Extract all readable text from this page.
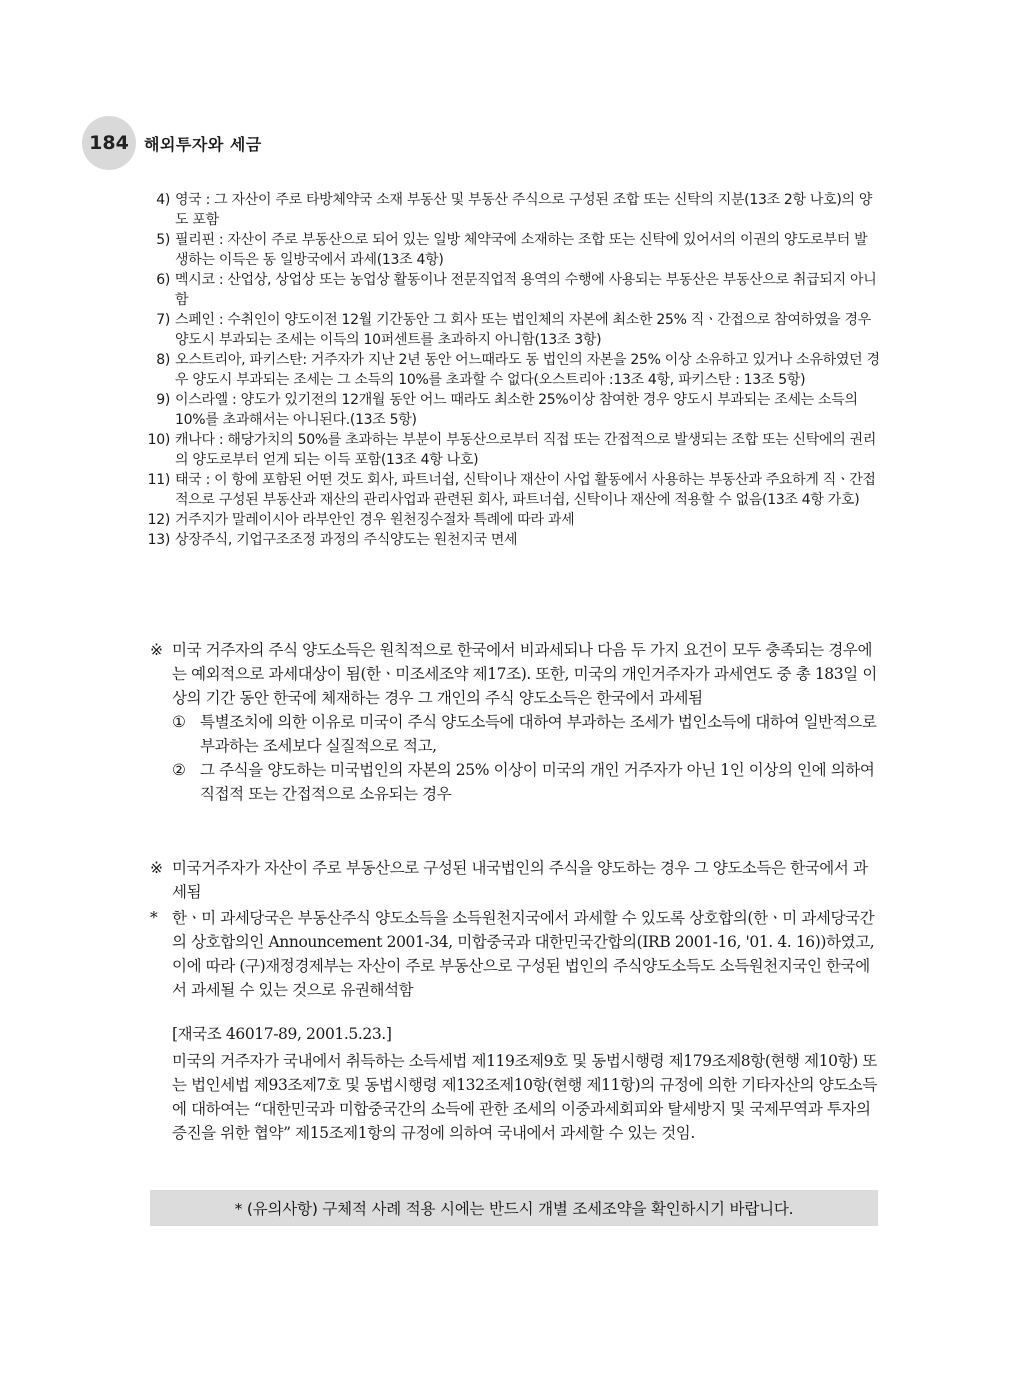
184 해외투자와 세금
4) 영국 : 그 자산이 주로 타방체약국 소재 부동산 및 부동산 주식으로 구성된 조합 또는 신탁의 지분(13조 2항 나호)의 양도 포함
5) 필리핀 : 자산이 주로 부동산으로 되어 있는 일방 체약국에 소재하는 조합 또는 신탁에 있어서의 이권의 양도로부터 발생하는 이득은 동 일방국에서 과세(13조 4항)
6) 멕시코 : 산업상, 상업상 또는 농업상 활동이나 전문직업적 용역의 수행에 사용되는 부동산은 부동산으로 취급되지 아니함
7) 스페인 : 수취인이 양도이전 12월 기간동안 그 회사 또는 법인체의 자본에 최소한 25% 직ㆍ간접으로 참여하였을 경우 양도시 부과되는 조세는 이득의 10퍼센트를 초과하지 아니함(13조 3항)
8) 오스트리아, 파키스탄: 거주자가 지난 2년 동안 어느때라도 동 법인의 자본을 25% 이상 소유하고 있거나 소유하였던 경우 양도시 부과되는 조세는 그 소득의 10%를 초과할 수 없다(오스트리아 :13조 4항, 파키스탄 : 13조 5항)
9) 이스라엘 : 양도가 있기전의 12개월 동안 어느 때라도 최소한 25%이상 참여한 경우 양도시 부과되는 조세는 소득의 10%를 초과해서는 아니된다.(13조 5항)
10) 캐나다 : 해당가치의 50%를 초과하는 부분이 부동산으로부터 직접 또는 간접적으로 발생되는 조합 또는 신탁에의 권리의 양도로부터 얻게 되는 이득 포함(13조 4항 나호)
11) 태국 : 이 항에 포함된 어떤 것도 회사, 파트너쉽, 신탁이나 재산이 사업 활동에서 사용하는 부동산과 주요하게 직ㆍ간접적으로 구성된 부동산과 재산의 관리사업과 관련된 회사, 파트너쉽, 신탁이나 재산에 적용할 수 없음(13조 4항 가호)
12) 거주지가 말레이시아 라부안인 경우 원천징수절차 특례에 따라 과세
13) 상장주식, 기업구조조정 과정의 주식양도는 원천지국 면세
※ 미국 거주자의 주식 양도소득은 원칙적으로 한국에서 비과세되나 다음 두 가지 요건이 모두 충족되는 경우에는 예외적으로 과세대상이 됨(한ㆍ미조세조약 제17조). 또한, 미국의 개인거주자가 과세연도 중 총 183일 이상의 기간 동안 한국에 체재하는 경우 그 개인의 주식 양도소득은 한국에서 과세됨
① 특별조치에 의한 이유로 미국이 주식 양도소득에 대하여 부과하는 조세가 법인소득에 대하여 일반적으로 부과하는 조세보다 실질적으로 적고,
② 그 주식을 양도하는 미국법인의 자본의 25% 이상이 미국의 개인 거주자가 아닌 1인 이상의 인에 의하여 직접적 또는 간접적으로 소유되는 경우
※ 미국거주자가 자산이 주로 부동산으로 구성된 내국법인의 주식을 양도하는 경우 그 양도소득은 한국에서 과세됨
* 한ㆍ미 과세당국은 부동산주식 양도소득을 소득원천지국에서 과세할 수 있도록 상호합의(한ㆍ미 과세당국간의 상호합의인 Announcement 2001-34, 미합중국과 대한민국간합의(IRB 2001-16, '01. 4. 16))하였고, 이에 따라 (구)재정경제부는 자산이 주로 부동산으로 구성된 법인의 주식양도소득도 소득원천지국인 한국에서 과세될 수 있는 것으로 유권해석함
[재국조 46017-89, 2001.5.23.]
미국의 거주자가 국내에서 취득하는 소득세법 제119조제9호 및 동법시행령 제179조제8항(현행 제10항) 또는 법인세법 제93조제7호 및 동법시행령 제132조제10항(현행 제11항)의 규정에 의한 기타자산의 양도소득에 대하여는 “대한민국과 미합중국간의 소득에 관한 조세의 이중과세회피와 탈세방지 및 국제무역과 투자의 증진을 위한 협약” 제15조제1항의 규정에 의하여 국내에서 과세할 수 있는 것임.
* (유의사항) 구체적 사례 적용 시에는 반드시 개별 조세조약을 확인하시기 바랍니다.
